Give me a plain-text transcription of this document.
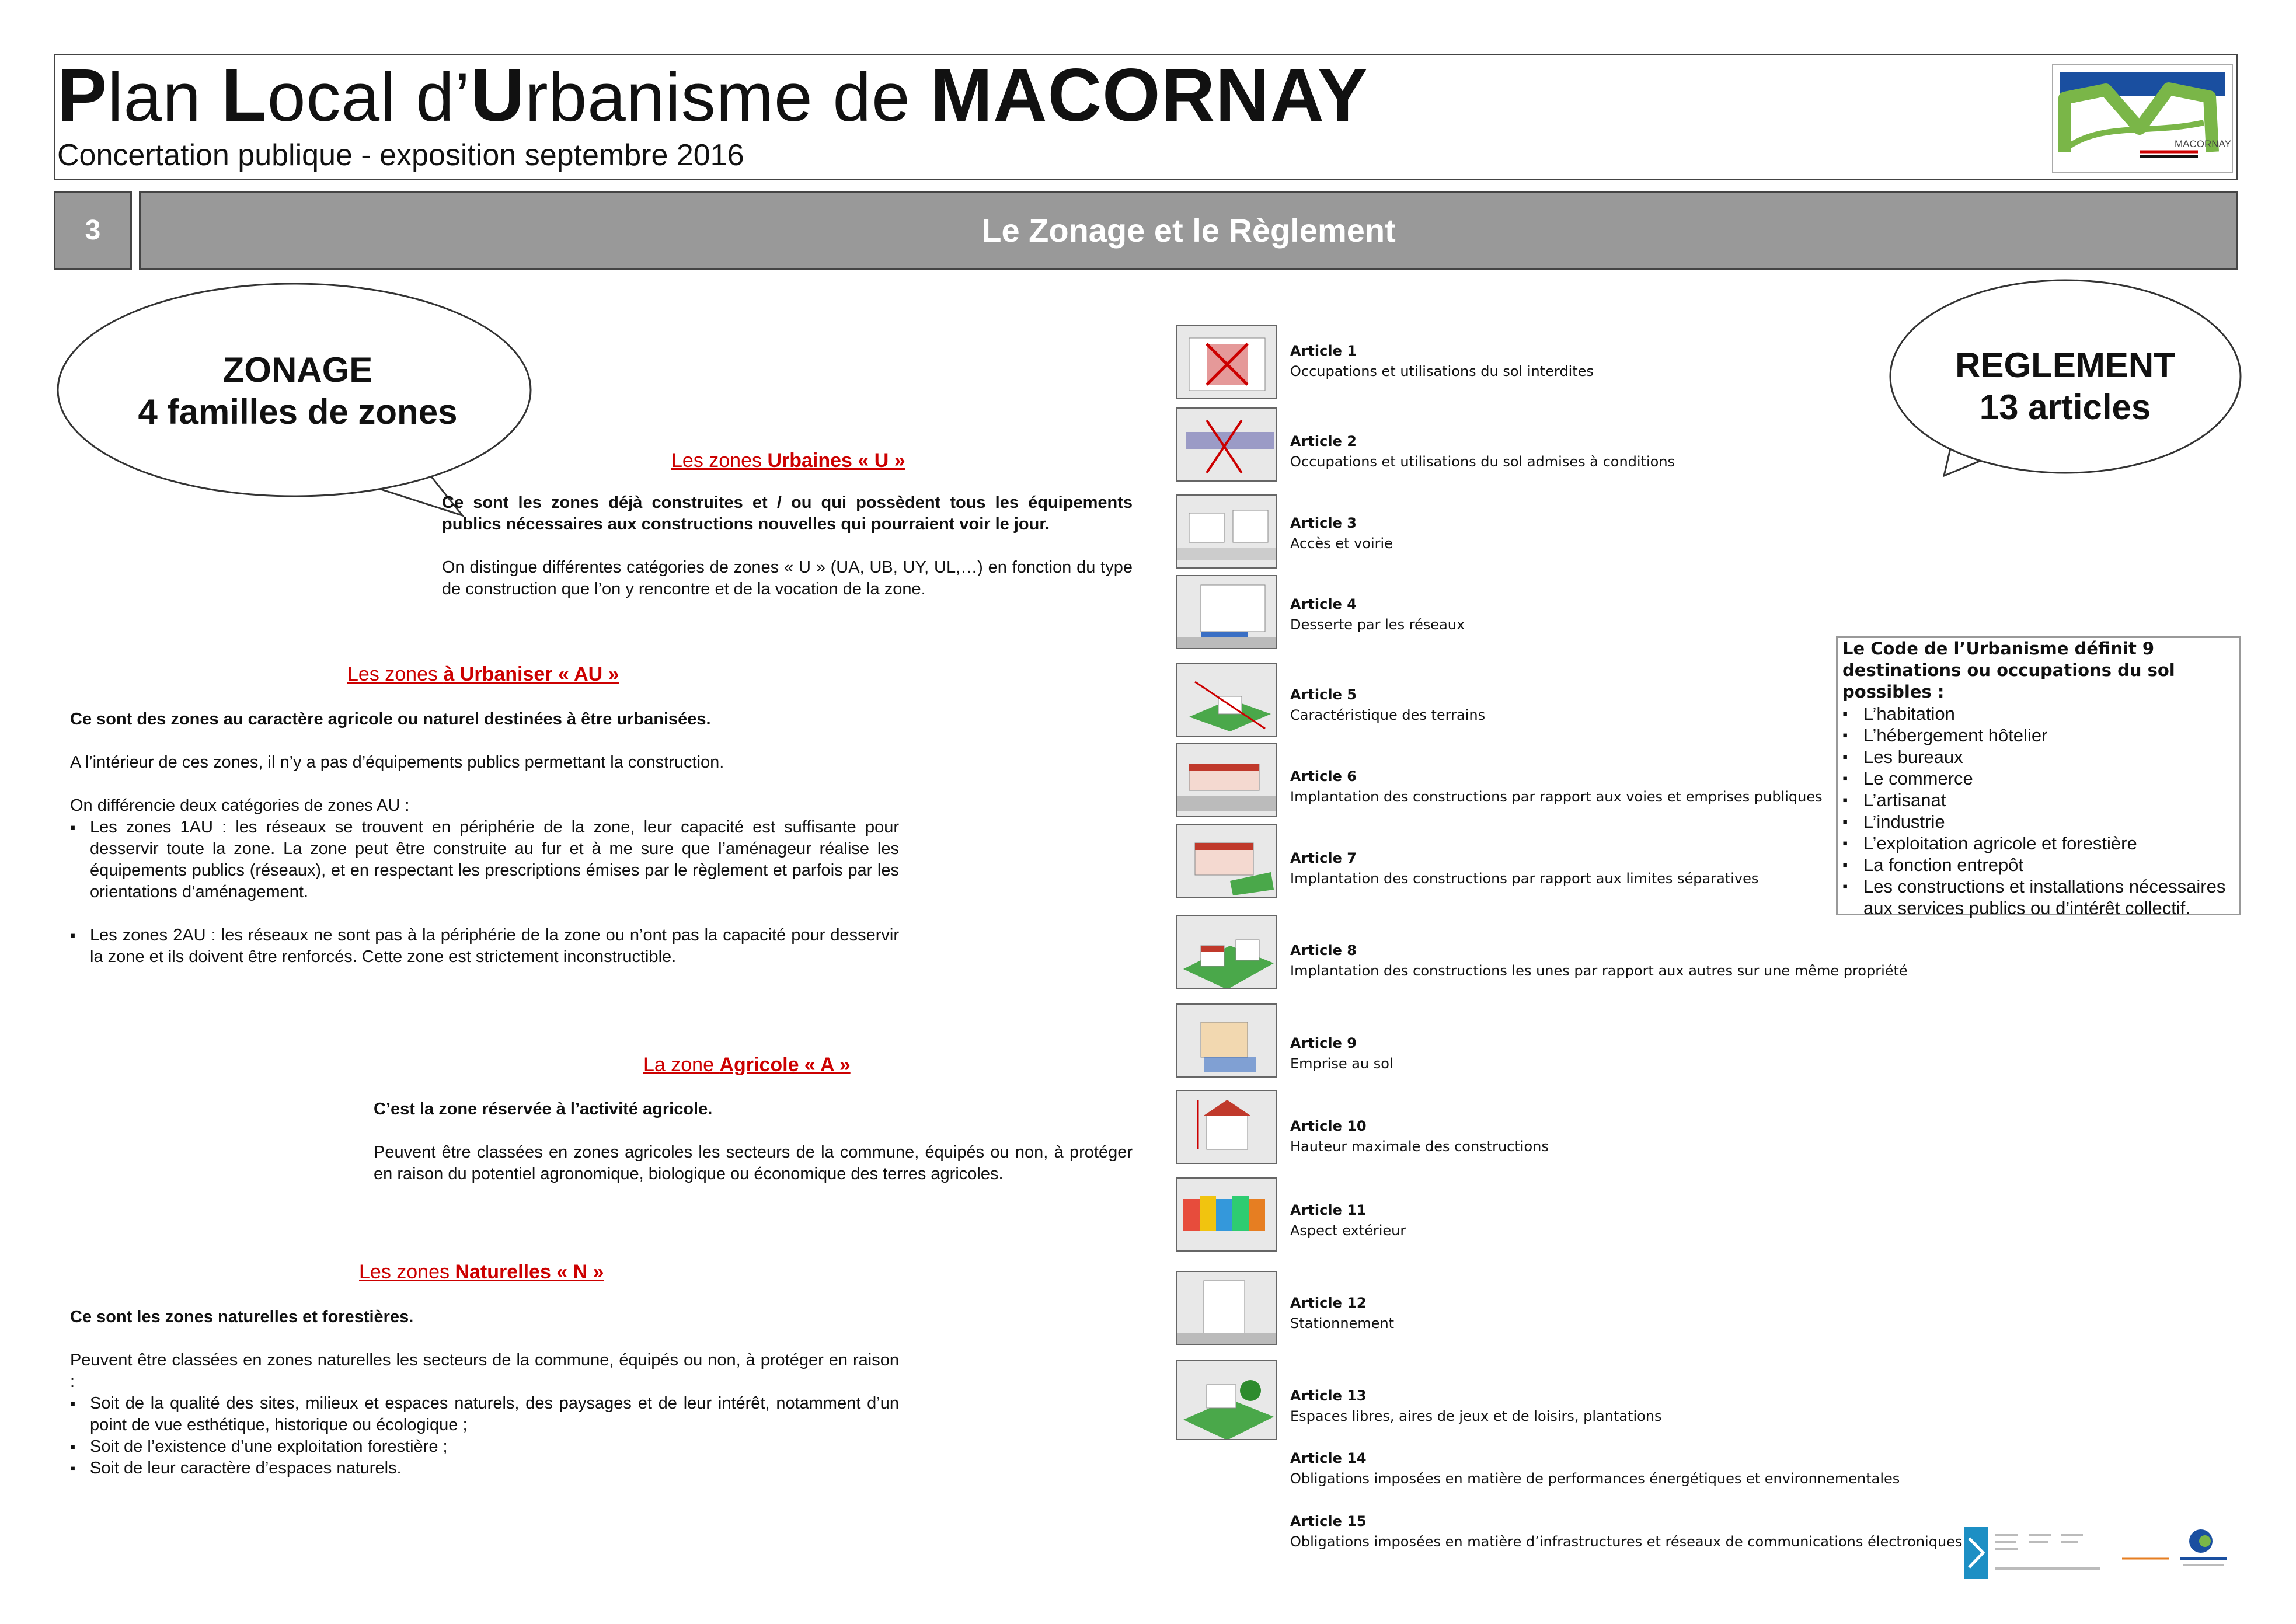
Plan Local d’Urbanisme de MACORNAY
Concertation publique - exposition septembre 2016	MACORNAY
3	Le Zonage et le Règlement
ZONAGE
4 familles de zones
REGLEMENT
13 articles
Les zones Urbaines « U »
Ce sont les zones déjà construites et / ou qui possèdent tous les équipements publics nécessaires aux constructions nouvelles qui pourraient voir le jour.
On distingue différentes catégories de zones « U » (UA, UB, UY, UL,…) en fonction du type de construction que l’on y rencontre et de la vocation de la zone.
Les zones à Urbaniser « AU »
Ce sont des zones au caractère agricole ou naturel destinées à être urbanisées.
A l’intérieur de ces zones, il n’y a pas d’équipements publics permettant la construction.
On différencie deux catégories de zones AU :
▪ Les zones 1AU : les réseaux se trouvent en périphérie de la zone, leur capacité est suffisante pour desservir toute la zone. La zone peut être construite au fur et à me sure que l’aménageur réalise les équipements publics (réseaux), et en respectant les prescriptions émises par le règlement et parfois par les orientations d’aménagement.
▪ Les zones 2AU : les réseaux ne sont pas à la périphérie de la zone ou n’ont pas la capacité pour desservir la zone et ils doivent être renforcés. Cette zone est strictement inconstructible.
La zone Agricole « A »
C’est la zone réservée à l’activité agricole.
Peuvent être classées en zones agricoles les secteurs de la commune, équipés ou non, à protéger en raison du potentiel agronomique, biologique ou économique des terres agricoles.
Les zones Naturelles « N »
Ce sont les zones naturelles et forestières.
Peuvent être classées en zones naturelles les secteurs de la commune, équipés ou non, à protéger en raison :
▪ Soit de la qualité des sites, milieux et espaces naturels, des paysages et de leur intérêt, notamment d’un point de vue esthétique, historique ou écologique ;
▪ Soit de l’existence d’une exploitation forestière ;
▪ Soit de leur caractère d’espaces naturels.
Article 1
Occupations et utilisations du sol interdites
Article 2
Occupations et utilisations du sol admises à conditions
Article 3
Accès et voirie
Article 4
Desserte par les réseaux
Article 5
Caractéristique des terrains
Article 6
Implantation des constructions par rapport aux voies et emprises publiques
Article 7
Implantation des constructions par rapport aux limites séparatives
Article 8
Implantation des constructions les unes par rapport aux autres sur une même propriété
Article 9
Emprise au sol
Article 10
Hauteur maximale des constructions
Article 11
Aspect extérieur
Article 12
Stationnement
Article 13
Espaces libres, aires de jeux et de loisirs, plantations
Article 14
Obligations imposées en matière de performances énergétiques et environnementales
Article 15
Obligations imposées en matière d’infrastructures et réseaux de communications électroniques
Le Code de l’Urbanisme définit 9 destinations ou occupations du sol possibles :
▪ L’habitation
▪ L’hébergement hôtelier
▪ Les bureaux
▪ Le commerce
▪ L’artisanat
▪ L’industrie
▪ L’exploitation agricole et forestière
▪ La fonction entrepôt
▪ Les constructions et installations nécessaires aux services publics ou d’intérêt collectif.
